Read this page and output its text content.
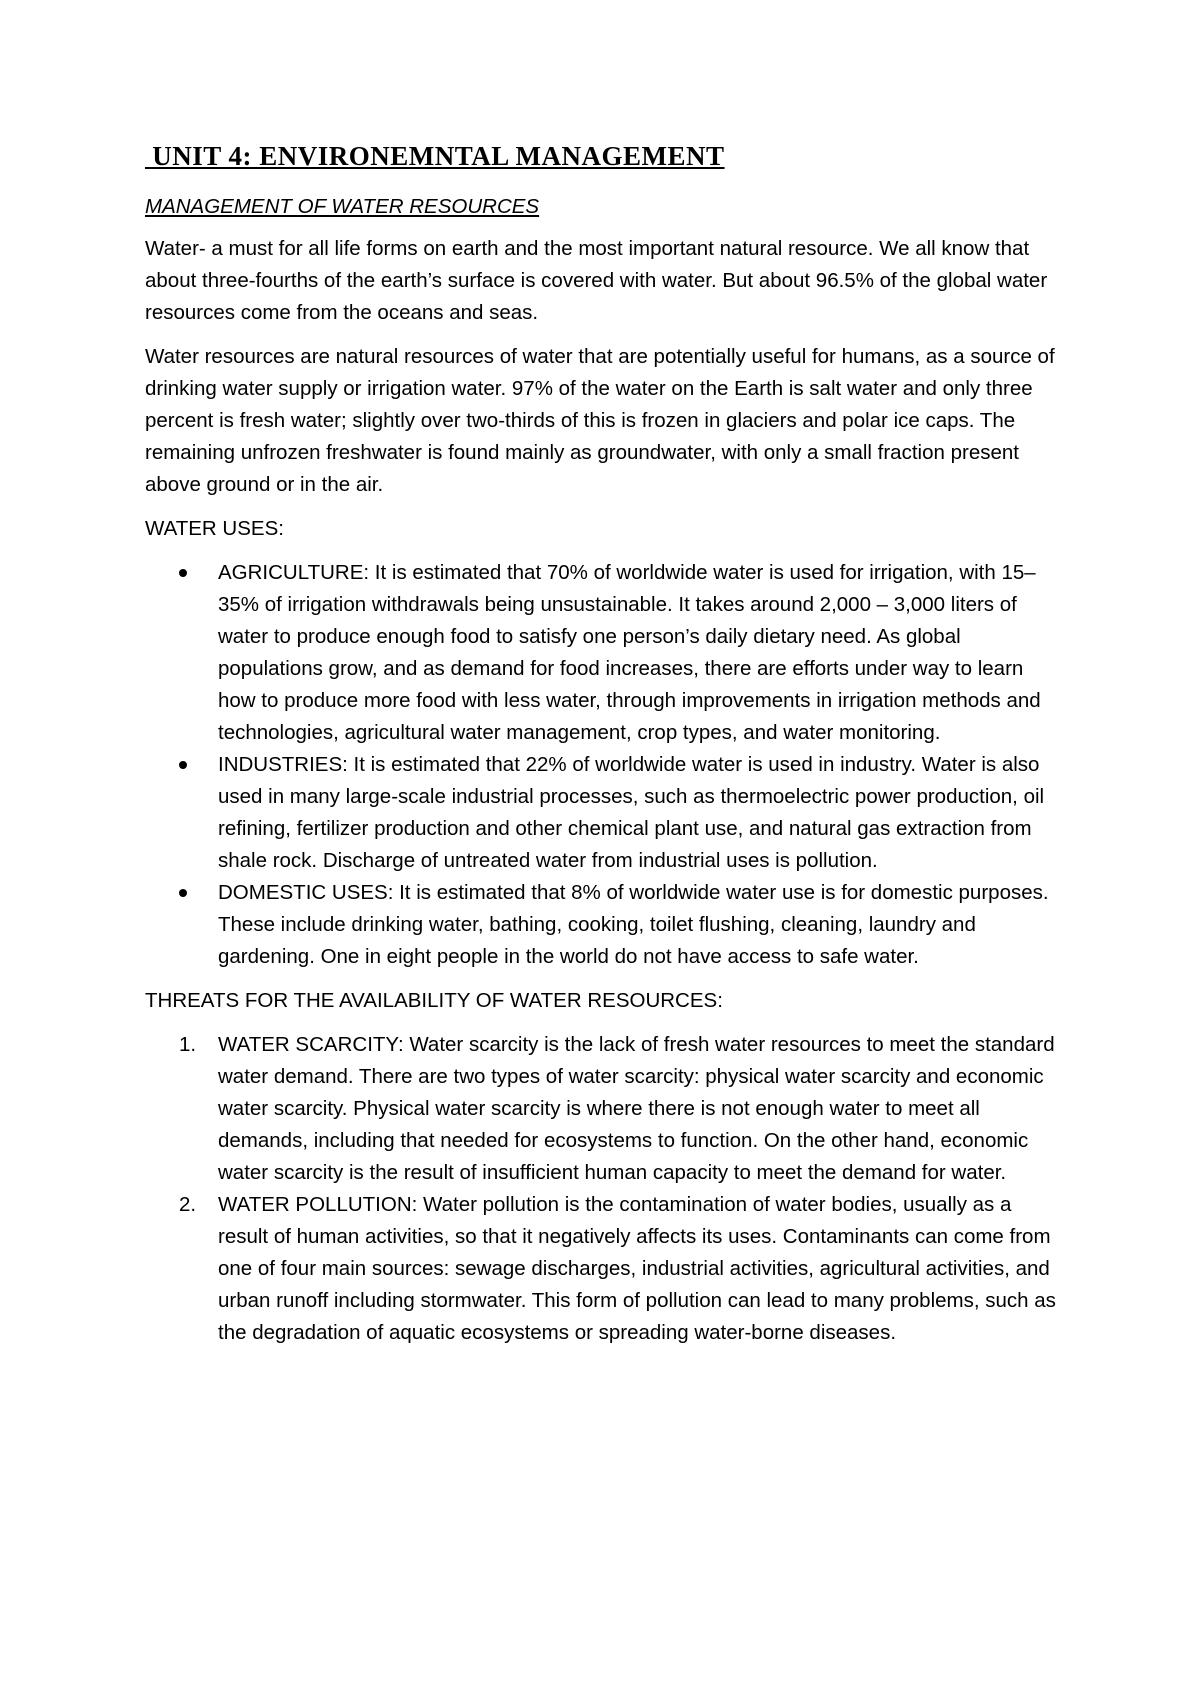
UNIT 4: ENVIRONEMNTAL MANAGEMENT
MANAGEMENT OF WATER RESOURCES

Water- a must for all life forms on earth and the most important natural resource. We all know that about three-fourths of the earth’s surface is covered with water. But about 96.5% of the global water resources come from the oceans and seas.

Water resources are natural resources of water that are potentially useful for humans, as a source of drinking water supply or irrigation water. 97% of the water on the Earth is salt water and only three percent is fresh water; slightly over two-thirds of this is frozen in glaciers and polar ice caps. The remaining unfrozen freshwater is found mainly as groundwater, with only a small fraction present above ground or in the air.

WATER USES:
AGRICULTURE: It is estimated that 70% of worldwide water is used for irrigation, with 15–35% of irrigation withdrawals being unsustainable. It takes around 2,000 – 3,000 liters of water to produce enough food to satisfy one person’s daily dietary need. As global populations grow, and as demand for food increases, there are efforts under way to learn how to produce more food with less water, through improvements in irrigation methods and technologies, agricultural water management, crop types, and water monitoring.
INDUSTRIES: It is estimated that 22% of worldwide water is used in industry. Water is also used in many large-scale industrial processes, such as thermoelectric power production, oil refining, fertilizer production and other chemical plant use, and natural gas extraction from shale rock. Discharge of untreated water from industrial uses is pollution.
DOMESTIC USES: It is estimated that 8% of worldwide water use is for domestic purposes. These include drinking water, bathing, cooking, toilet flushing, cleaning, laundry and gardening. One in eight people in the world do not have access to safe water.
THREATS FOR THE AVAILABILITY OF WATER RESOURCES:
1. WATER SCARCITY: Water scarcity is the lack of fresh water resources to meet the standard water demand. There are two types of water scarcity: physical water scarcity and economic water scarcity. Physical water scarcity is where there is not enough water to meet all demands, including that needed for ecosystems to function. On the other hand, economic water scarcity is the result of insufficient human capacity to meet the demand for water.
2. WATER POLLUTION: Water pollution is the contamination of water bodies, usually as a result of human activities, so that it negatively affects its uses. Contaminants can come from one of four main sources: sewage discharges, industrial activities, agricultural activities, and urban runoff including stormwater. This form of pollution can lead to many problems, such as the degradation of aquatic ecosystems or spreading water-borne diseases.
